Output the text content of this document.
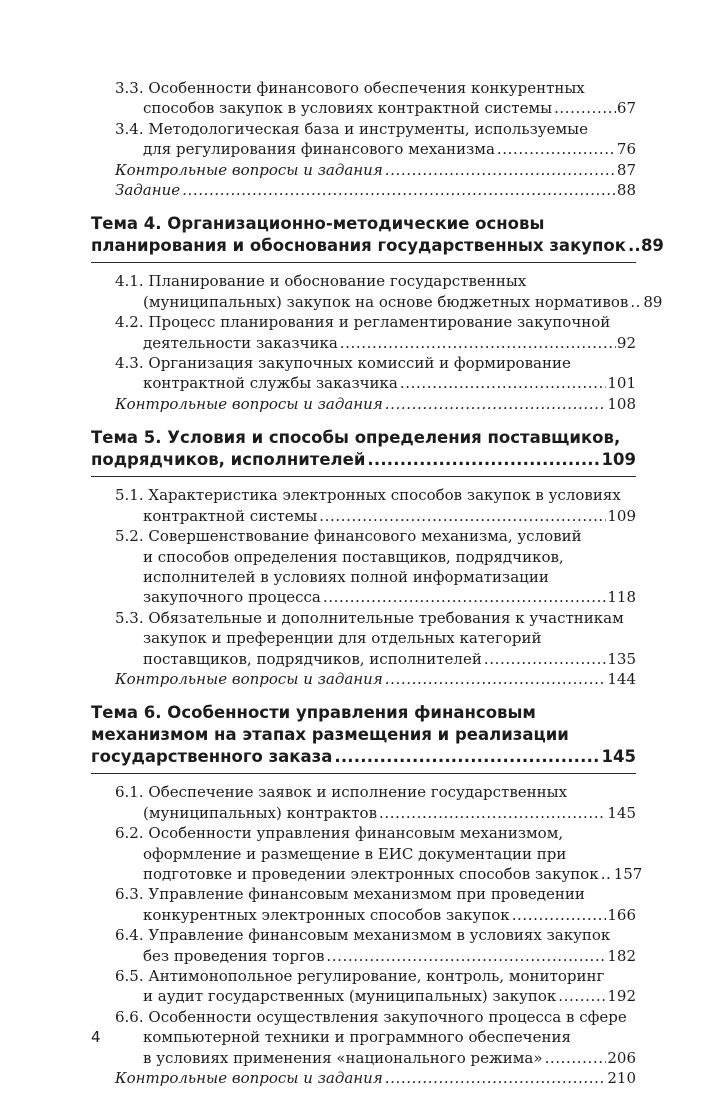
3.3. Особенности финансового обеспечения конкурентных
способов закупок в условиях контрактной системы .....	67
3.4. Методологическая база и инструменты, используемые
для регулирования финансового механизма .....	76
Контрольные вопросы и задания .....	87
Задание .....	88
Тема 4. Организационно-методические основы
планирования и обоснования государственных закупок ..... 89
4.1. Планирование и обоснование государственных
(муниципальных) закупок на основе бюджетных нормативов ..... 89
4.2. Процесс планирования и регламентирование закупочной
деятельности заказчика .....	92
4.3. Организация закупочных комиссий и формирование
контрактной службы заказчика .....	101
Контрольные вопросы и задания .....	108
Тема 5. Условия и способы определения поставщиков,
подрядчиков, исполнителей .....	109
5.1. Характеристика электронных способов закупок в условиях
контрактной системы .....	109
5.2. Совершенствование финансового механизма, условий
и способов определения поставщиков, подрядчиков,
исполнителей в условиях полной информатизации
закупочного процесса .....	118
5.3. Обязательные и дополнительные требования к участникам
закупок и преференции для отдельных категорий
поставщиков, подрядчиков, исполнителей .....	135
Контрольные вопросы и задания .....	144
Тема 6. Особенности управления финансовым
механизмом на этапах размещения и реализации
государственного заказа .....	145
6.1. Обеспечение заявок и исполнение государственных
(муниципальных) контрактов .....	145
6.2. Особенности управления финансовым механизмом,
оформление и размещение в ЕИС документации при
подготовке и проведении электронных способов закупок ..... 157
6.3. Управление финансовым механизмом при проведении
конкурентных электронных способов закупок .....	166
6.4. Управление финансовым механизмом в условиях закупок
без проведения торгов .....	182
6.5. Антимонопольное регулирование, контроль, мониторинг
и аудит государственных (муниципальных) закупок .....	192
6.6. Особенности осуществления закупочного процесса в сфере
компьютерной техники и программного обеспечения
в условиях применения «национального режима» .....	206
Контрольные вопросы и задания .....	210
4
